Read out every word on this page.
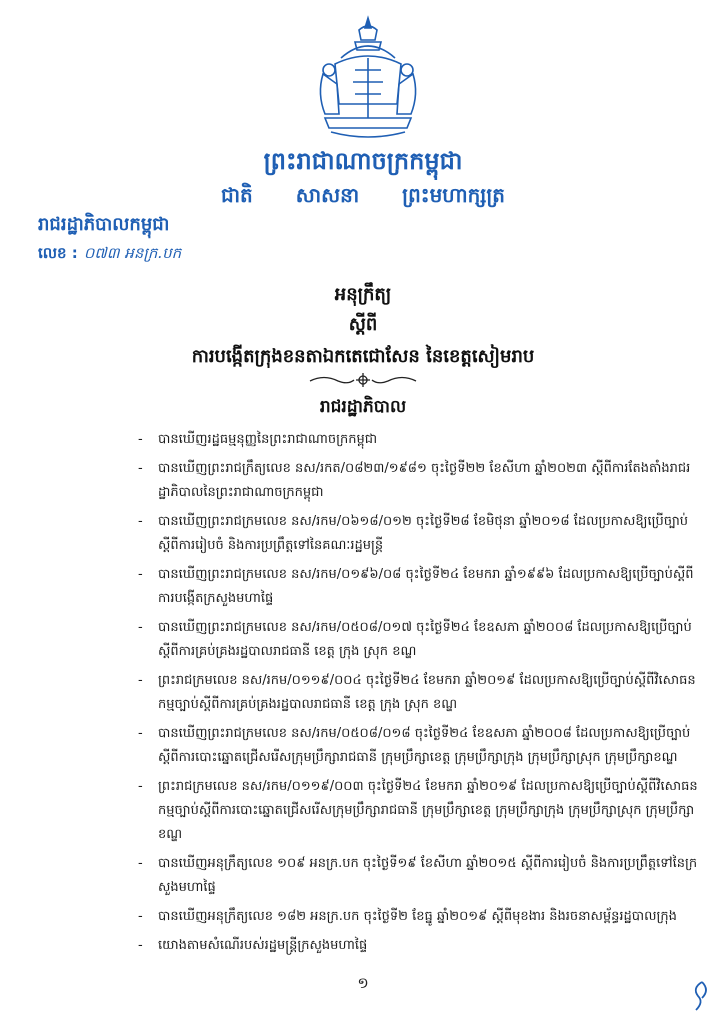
ព្រះរាជាណាចក្រកម្ពុជា
ជាតិ សាសនា ព្រះមហាក្សត្រ
រាជរដ្ឋាភិបាលកម្ពុជា
លេខ : ០៧៣ អនក្រ.បក
អនុក្រឹត្យ
ស្តីពី
ការបង្កើតក្រុងខនតាឯកតេជោសែន នៃខេត្តសៀមរាប
រាជរដ្ឋាភិបាល
- បានឃើញរដ្ឋធម្មនុញ្ញនៃព្រះរាជាណាចក្រកម្ពុជា
- បានឃើញព្រះរាជក្រឹត្យលេខ នស/រកត/០៨២៣/១៩៨១ ចុះថ្ងៃទី២២ ខែសីហា ឆ្នាំ២០២៣ ស្តីពីការតែងតាំងរាជរដ្ឋាភិបាលនៃព្រះរាជាណាចក្រកម្ពុជា
- បានឃើញព្រះរាជក្រមលេខ នស/រកម/០៦១៨/០១២ ចុះថ្ងៃទី២៨ ខែមិថុនា ឆ្នាំ២០១៨ ដែលប្រកាសឱ្យប្រើច្បាប់ស្តីពីការរៀបចំ និងការប្រព្រឹត្តទៅនៃគណៈរដ្ឋមន្ត្រី
- បានឃើញព្រះរាជក្រមលេខ នស/រកម/០១៩៦/០៨ ចុះថ្ងៃទី២៤ ខែមករា ឆ្នាំ១៩៩៦ ដែលប្រកាសឱ្យប្រើច្បាប់ស្តីពីការបង្កើតក្រសួងមហាផ្ទៃ
- បានឃើញព្រះរាជក្រមលេខ នស/រកម/០៥០៨/០១៧ ចុះថ្ងៃទី២៤ ខែឧសភា ឆ្នាំ២០០៨ ដែលប្រកាសឱ្យប្រើច្បាប់ស្តីពីការគ្រប់គ្រងរដ្ឋបាលរាជធានី ខេត្ត ក្រុង ស្រុក ខណ្ឌ
- ព្រះរាជក្រមលេខ នស/រកម/០១១៩/០០៤ ចុះថ្ងៃទី២៤ ខែមករា ឆ្នាំ២០១៩ ដែលប្រកាសឱ្យប្រើច្បាប់ស្តីពីវិសោធនកម្មច្បាប់ស្តីពីការគ្រប់គ្រងរដ្ឋបាលរាជធានី ខេត្ត ក្រុង ស្រុក ខណ្ឌ
- បានឃើញព្រះរាជក្រមលេខ នស/រកម/០៥០៨/០១៨ ចុះថ្ងៃទី២៤ ខែឧសភា ឆ្នាំ២០០៨ ដែលប្រកាសឱ្យប្រើច្បាប់ស្តីពីការបោះឆ្នោតជ្រើសរើសក្រុមប្រឹក្សារាជធានី ក្រុមប្រឹក្សាខេត្ត ក្រុមប្រឹក្សាក្រុង ក្រុមប្រឹក្សាស្រុក ក្រុមប្រឹក្សាខណ្ឌ
- ព្រះរាជក្រមលេខ នស/រកម/០១១៩/០០៣ ចុះថ្ងៃទី២៤ ខែមករា ឆ្នាំ២០១៩ ដែលប្រកាសឱ្យប្រើច្បាប់ស្តីពីវិសោធនកម្មច្បាប់ស្តីពីការបោះឆ្នោតជ្រើសរើសក្រុមប្រឹក្សារាជធានី ក្រុមប្រឹក្សាខេត្ត ក្រុមប្រឹក្សាក្រុង ក្រុមប្រឹក្សាស្រុក ក្រុមប្រឹក្សាខណ្ឌ
- បានឃើញអនុក្រឹត្យលេខ ១០៩ អនក្រ.បក ចុះថ្ងៃទី១៩ ខែសីហា ឆ្នាំ២០១៥ ស្តីពីការរៀបចំ និងការប្រព្រឹត្តទៅនៃក្រសួងមហាផ្ទៃ
- បានឃើញអនុក្រឹត្យលេខ ១៨២ អនក្រ.បក ចុះថ្ងៃទី២ ខែធ្នូ ឆ្នាំ២០១៩ ស្តីពីមុខងារ និងរចនាសម្ព័ន្ធរដ្ឋបាលក្រុង
- យោងតាមសំណើរបស់រដ្ឋមន្ត្រីក្រសួងមហាផ្ទៃ
១
